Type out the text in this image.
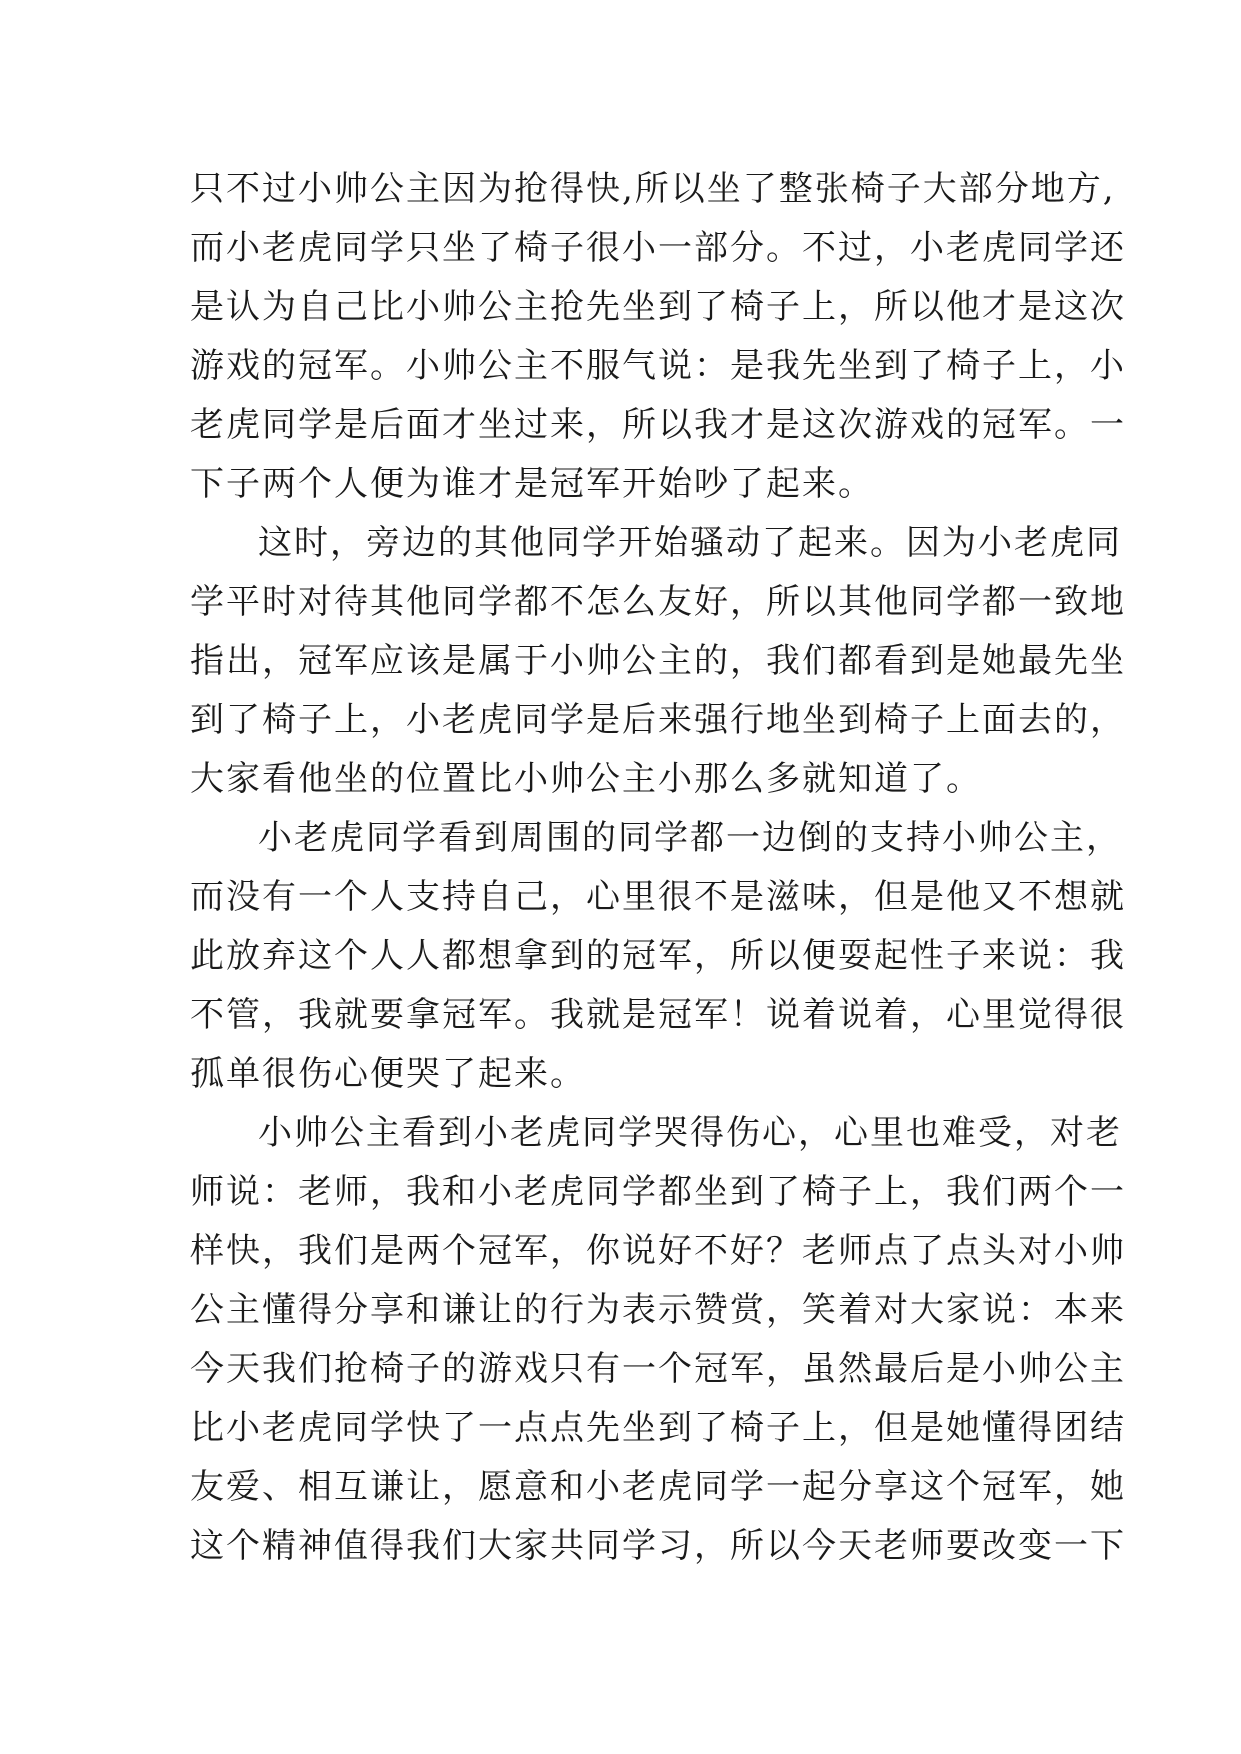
只不过小帅公主因为抢得快,所以坐了整张椅子大部分地方,
而小老虎同学只坐了椅子很小一部分。不过，小老虎同学还
是认为自己比小帅公主抢先坐到了椅子上，所以他才是这次
游戏的冠军。小帅公主不服气说：是我先坐到了椅子上，小
老虎同学是后面才坐过来，所以我才是这次游戏的冠军。一
下子两个人便为谁才是冠军开始吵了起来。
这时，旁边的其他同学开始骚动了起来。因为小老虎同
学平时对待其他同学都不怎么友好，所以其他同学都一致地
指出，冠军应该是属于小帅公主的，我们都看到是她最先坐
到了椅子上，小老虎同学是后来强行地坐到椅子上面去的，
大家看他坐的位置比小帅公主小那么多就知道了。
小老虎同学看到周围的同学都一边倒的支持小帅公主，
而没有一个人支持自己，心里很不是滋味，但是他又不想就
此放弃这个人人都想拿到的冠军，所以便耍起性子来说：我
不管，我就要拿冠军。我就是冠军！说着说着，心里觉得很
孤单很伤心便哭了起来。
小帅公主看到小老虎同学哭得伤心，心里也难受，对老
师说：老师，我和小老虎同学都坐到了椅子上，我们两个一
样快，我们是两个冠军，你说好不好？老师点了点头对小帅
公主懂得分享和谦让的行为表示赞赏，笑着对大家说：本来
今天我们抢椅子的游戏只有一个冠军，虽然最后是小帅公主
比小老虎同学快了一点点先坐到了椅子上，但是她懂得团结
友爱、相互谦让，愿意和小老虎同学一起分享这个冠军，她
这个精神值得我们大家共同学习，所以今天老师要改变一下
